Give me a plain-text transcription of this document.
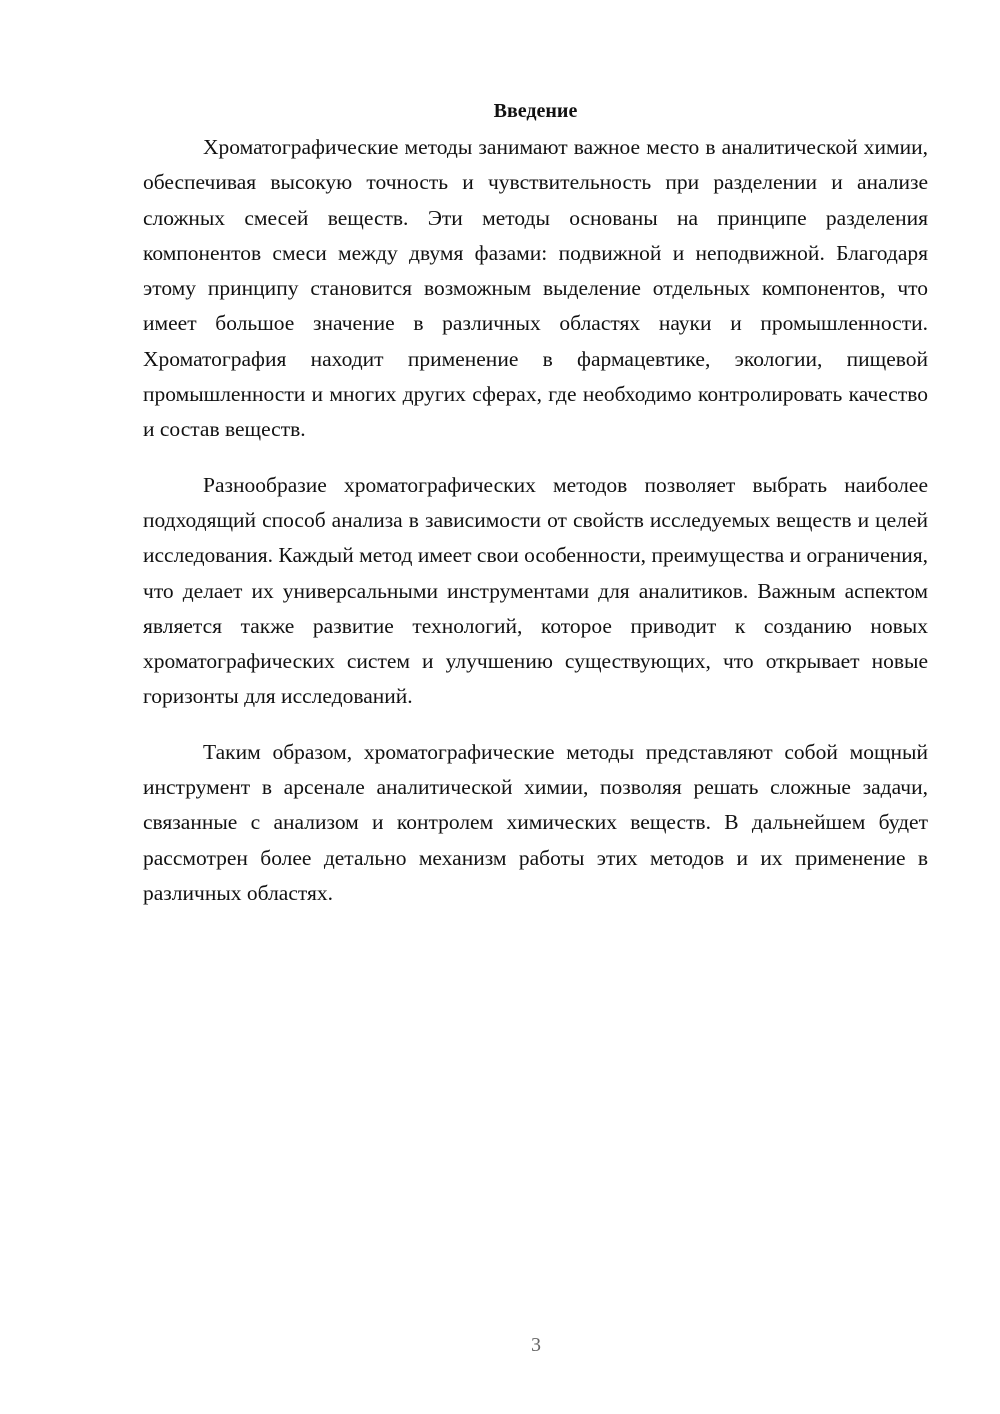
Введение

Хроматографические методы занимают важное место в аналитической химии, обеспечивая высокую точность и чувствительность при разделении и анализе сложных смесей веществ. Эти методы основаны на принципе разделения компонентов смеси между двумя фазами: подвижной и неподвижной. Благодаря этому принципу становится возможным выделение отдельных компонентов, что имеет большое значение в различных областях науки и промышленности. Хроматография находит применение в фармацевтике, экологии, пищевой промышленности и многих других сферах, где необходимо контролировать качество и состав веществ.

Разнообразие хроматографических методов позволяет выбрать наиболее подходящий способ анализа в зависимости от свойств исследуемых веществ и целей исследования. Каждый метод имеет свои особенности, преимущества и ограничения, что делает их универсальными инструментами для аналитиков. Важным аспектом является также развитие технологий, которое приводит к созданию новых хроматографических систем и улучшению существующих, что открывает новые горизонты для исследований.

Таким образом, хроматографические методы представляют собой мощный инструмент в арсенале аналитической химии, позволяя решать сложные задачи, связанные с анализом и контролем химических веществ. В дальнейшем будет рассмотрен более детально механизм работы этих методов и их применение в различных областях.

3
